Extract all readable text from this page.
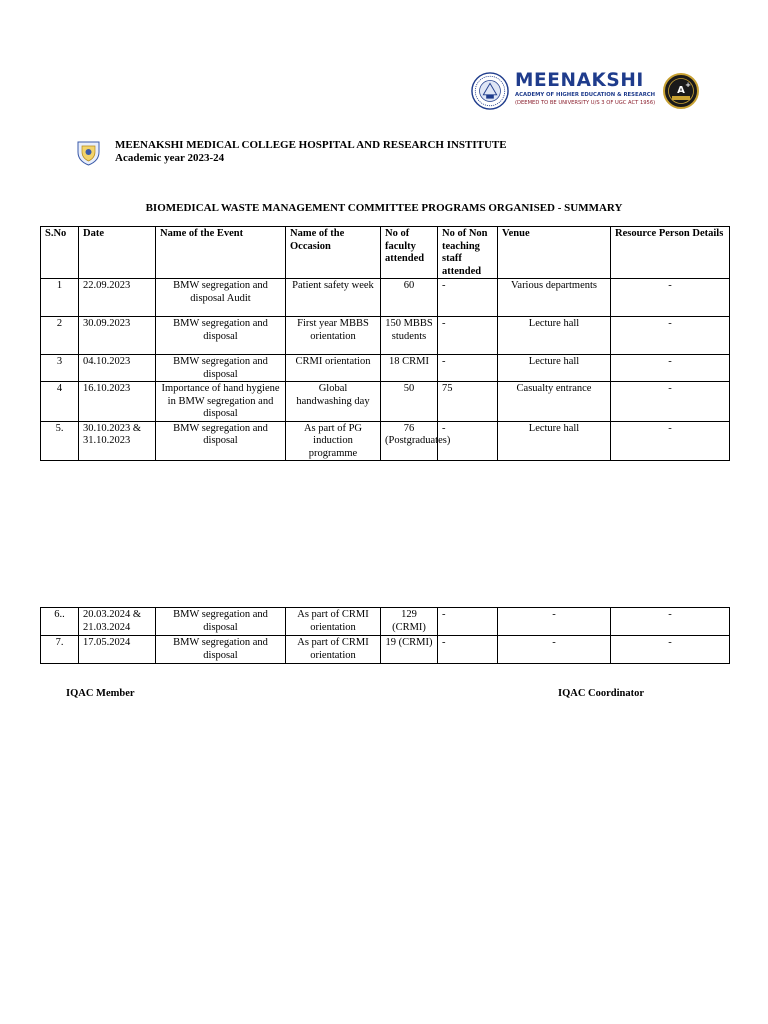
MEENAKSHI
ACADEMY OF HIGHER EDUCATION & RESEARCH
(DEEMED TO BE UNIVERSITY U/S 3 OF UGC ACT 1956)
A +
MEENAKSHI MEDICAL COLLEGE HOSPITAL AND RESEARCH INSTITUTE
Academic year 2023-24
BIOMEDICAL WASTE MANAGEMENT COMMITTEE PROGRAMS ORGANISED - SUMMARY
S.No	Date	Name of the Event	Name of the Occasion	No of faculty attended	No of Non teaching staff attended	Venue	Resource Person Details
1	22.09.2023	BMW segregation and disposal Audit	Patient safety week	60	-	Various departments	-
2	30.09.2023	BMW segregation and disposal	First year MBBS orientation	150 MBBS students	-	Lecture hall	-
3	04.10.2023	BMW segregation and disposal	CRMI orientation	18 CRMI	-	Lecture hall	-
4	16.10.2023	Importance of hand hygiene in BMW segregation and disposal	Global handwashing day	50	75	Casualty entrance	-
5.	30.10.2023 & 31.10.2023	BMW segregation and disposal	As part of PG induction programme	76 (Postgraduates)	-	Lecture hall	-
6..	20.03.2024 & 21.03.2024	BMW segregation and disposal	As part of CRMI orientation	129 (CRMI)	-	-	-
7.	17.05.2024	BMW segregation and disposal	As part of CRMI orientation	19 (CRMI)	-	-	-
IQAC Member	IQAC Coordinator
